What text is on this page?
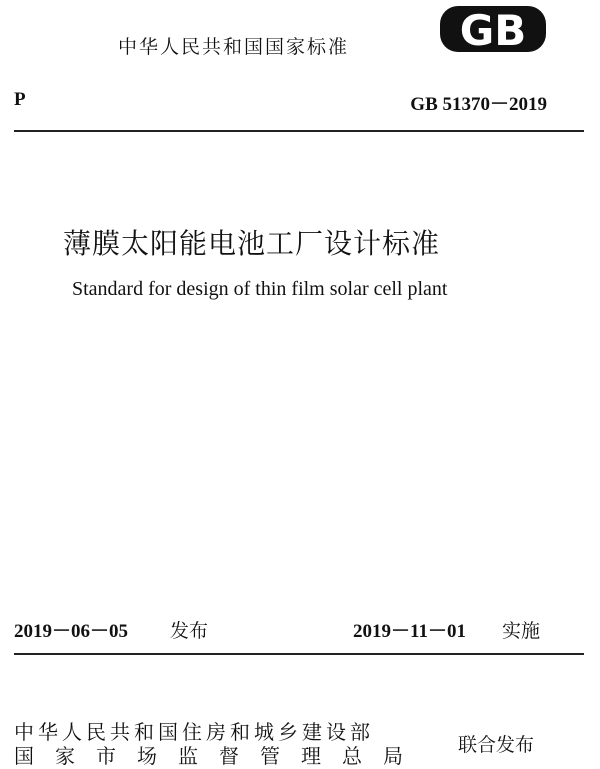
中华人民共和国国家标准	GB
P	GB 51370－2019
薄膜太阳能电池工厂设计标准
Standard for design of thin film solar cell plant
2019－06－05 发布	2019－11－01 实施
中华人民共和国住房和城乡建设部
国家市场监督管理总局 联合发布
